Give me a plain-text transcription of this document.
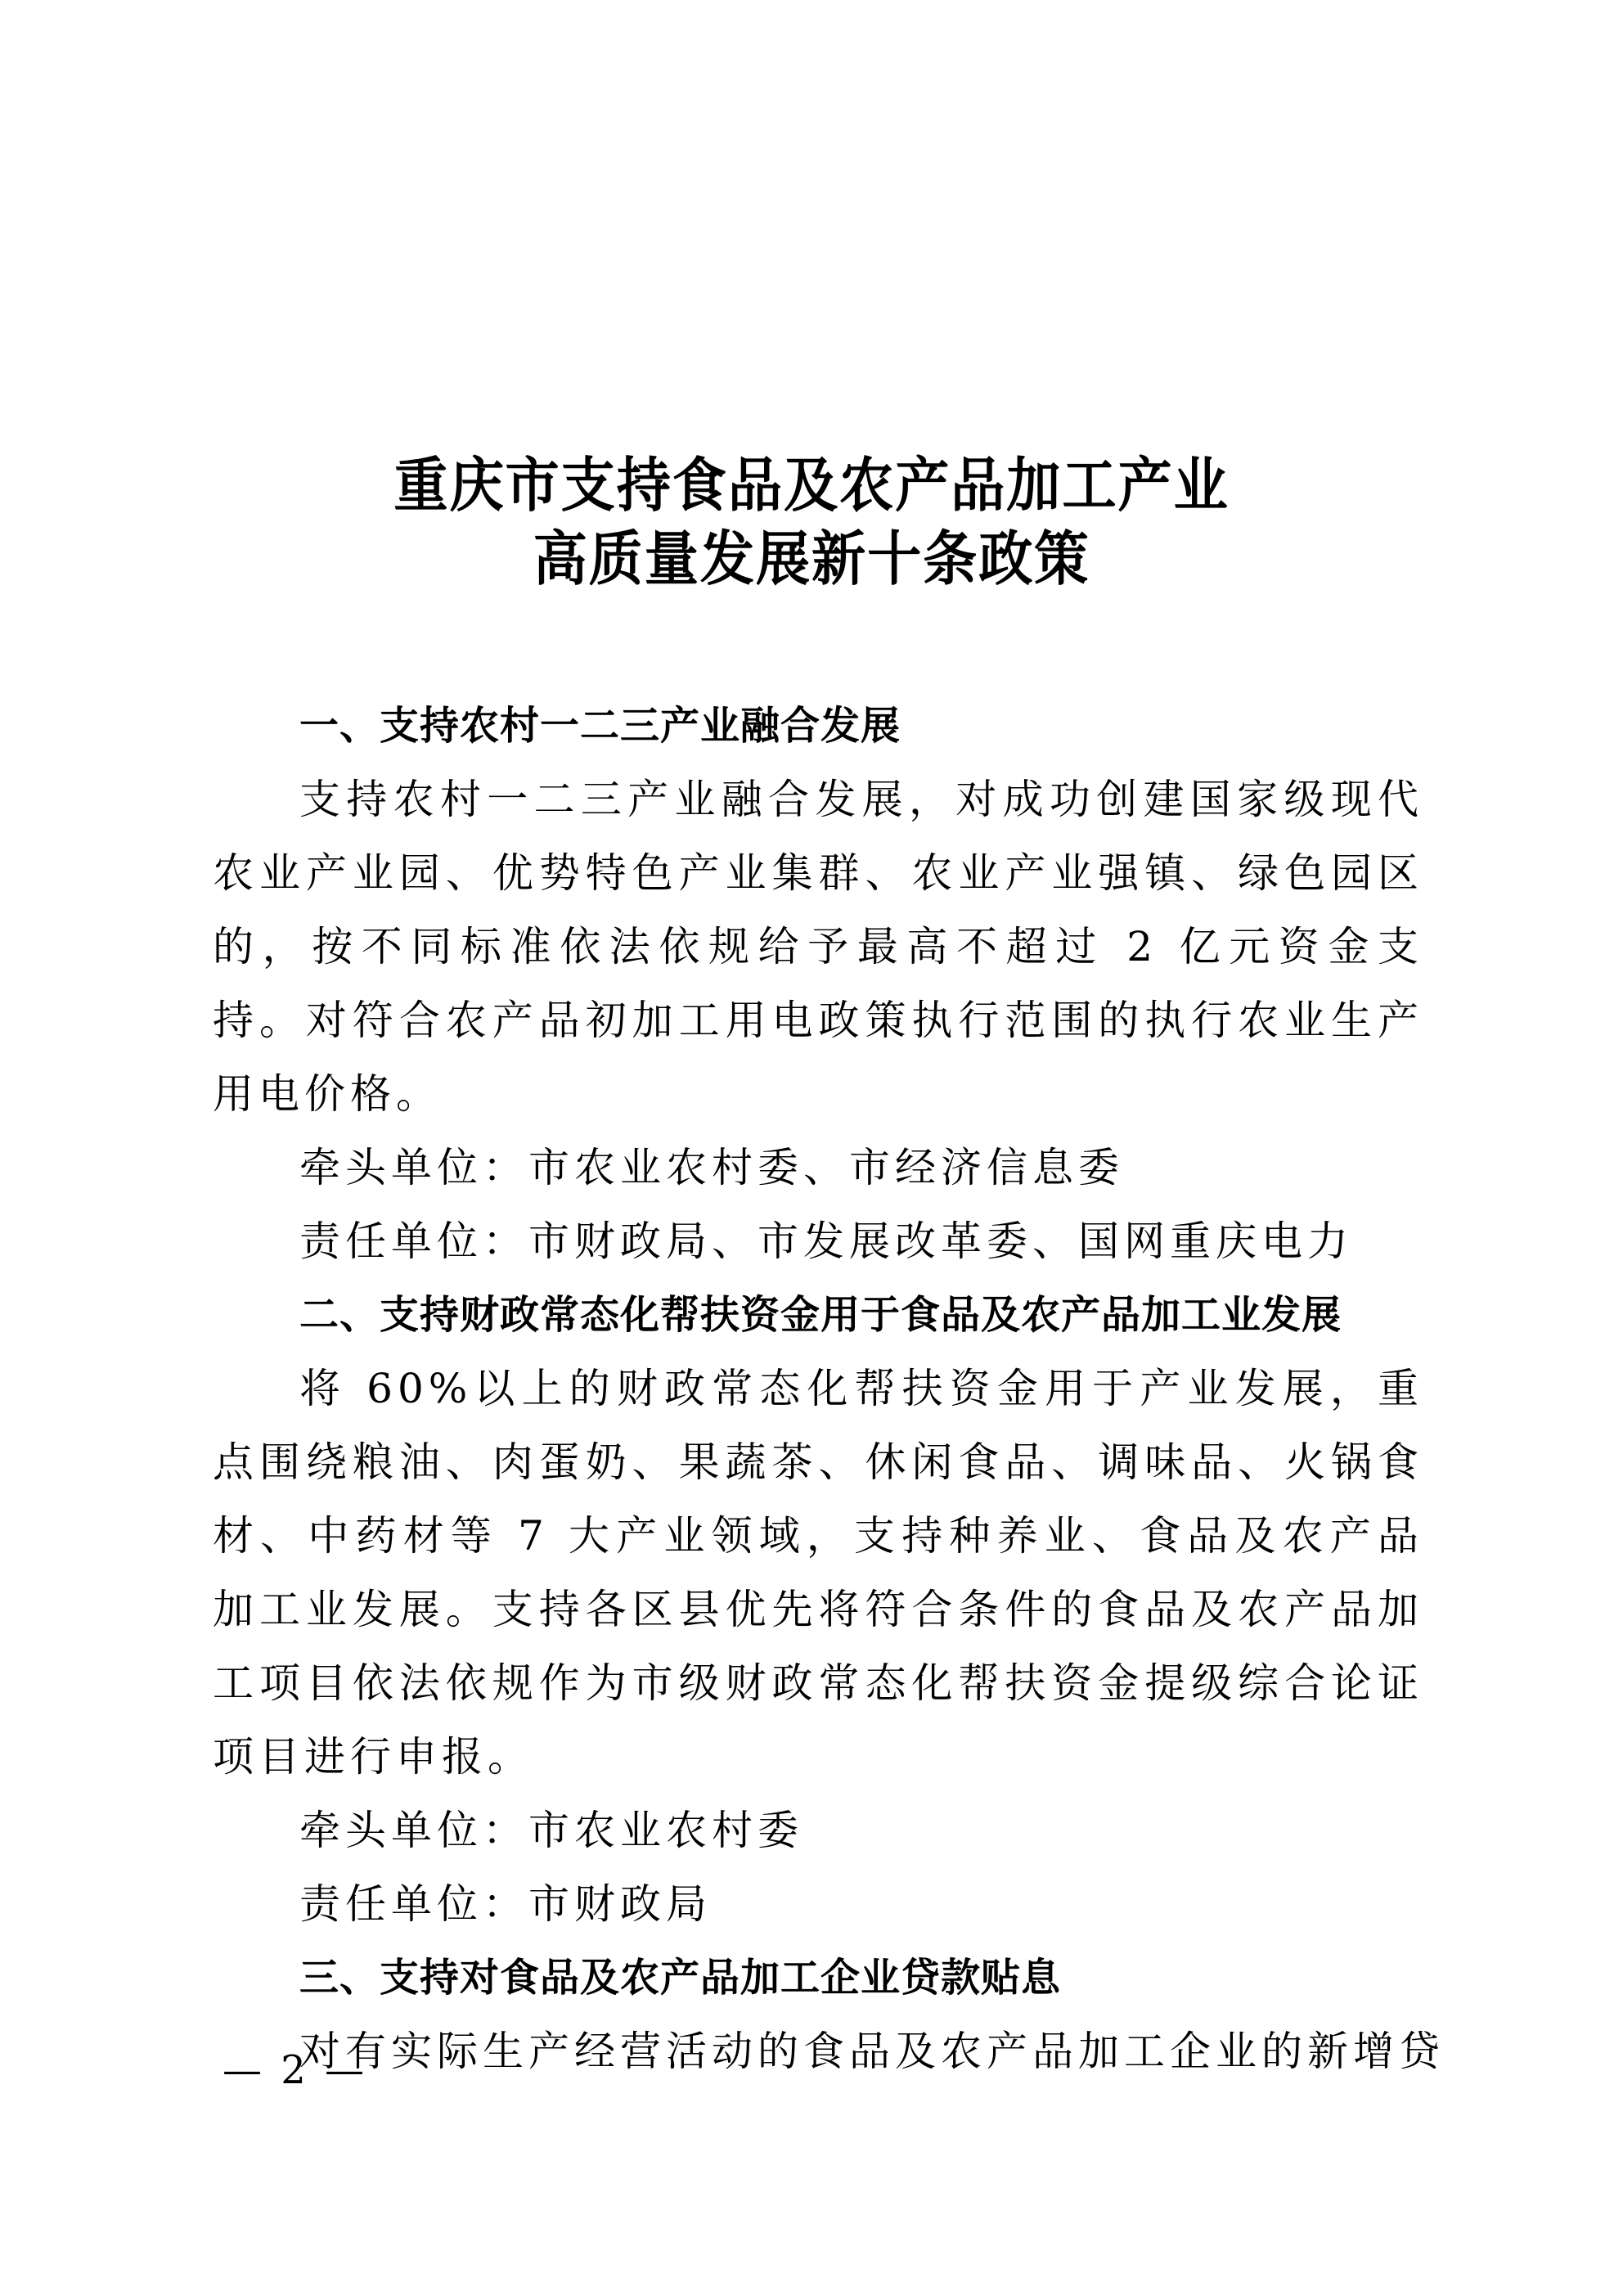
重庆市支持食品及农产品加工产业
高质量发展新十条政策

一、支持农村一二三产业融合发展

支持农村一二三产业融合发展，对成功创建国家级现代农业产业园、优势特色产业集群、农业产业强镇、绿色园区的，按不同标准依法依规给予最高不超过 2 亿元资金支持。对符合农产品初加工用电政策执行范围的执行农业生产用电价格。

牵头单位：市农业农村委、市经济信息委

责任单位：市财政局、市发展改革委、国网重庆电力

二、支持财政常态化帮扶资金用于食品及农产品加工业发展

将 60%以上的财政常态化帮扶资金用于产业发展，重点围绕粮油、肉蛋奶、果蔬茶、休闲食品、调味品、火锅食材、中药材等 7 大产业领域，支持种养业、食品及农产品加工业发展。支持各区县优先将符合条件的食品及农产品加工项目依法依规作为市级财政常态化帮扶资金提级综合论证项目进行申报。

牵头单位：市农业农村委

责任单位：市财政局

三、支持对食品及农产品加工企业贷款贴息

对有实际生产经营活动的食品及农产品加工企业的新增贷

— 2 —
